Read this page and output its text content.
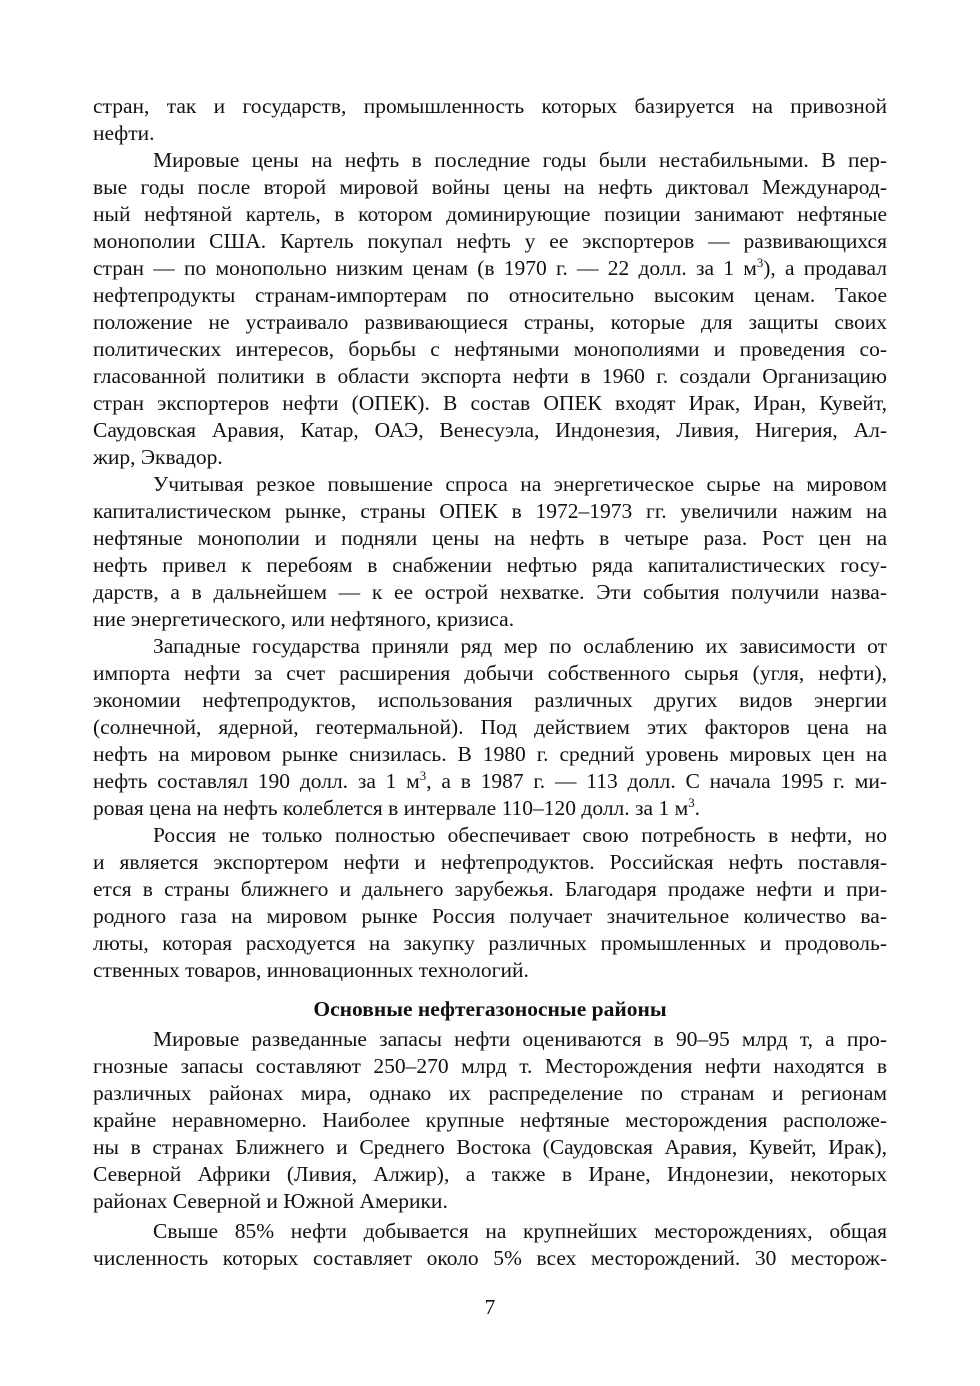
стран, так и государств, промышленность которых базируется на привозной
нефти.
Мировые цены на нефть в последние годы были нестабильными. В пер-
вые годы после второй мировой войны цены на нефть диктовал Международ-
ный нефтяной картель, в котором доминирующие позиции занимают нефтяные
монополии США. Картель покупал нефть у ее экспортеров — развивающихся
стран — по монопольно низким ценам (в 1970 г. — 22 долл. за 1 $м^3$), а продавал
нефтепродукты странам-импортерам по относительно высоким ценам. Такое
положение не устраивало развивающиеся страны, которые для защиты своих
политических интересов, борьбы с нефтяными монополиями и проведения со-
гласованной политики в области экспорта нефти в 1960 г. создали Организацию
стран экспортеров нефти (ОПЕК). В состав ОПЕК входят Ирак, Иран, Кувейт,
Саудовская Аравия, Катар, ОАЭ, Венесуэла, Индонезия, Ливия, Нигерия, Ал-
жир, Эквадор.
Учитывая резкое повышение спроса на энергетическое сырье на мировом
капиталистическом рынке, страны ОПЕК в 1972–1973 гг. увеличили нажим на
нефтяные монополии и подняли цены на нефть в четыре раза. Рост цен на
нефть привел к перебоям в снабжении нефтью ряда капиталистических госу-
дарств, а в дальнейшем — к ее острой нехватке. Эти события получили назва-
ние энергетического, или нефтяного, кризиса.
Западные государства приняли ряд мер по ослаблению их зависимости от
импорта нефти за счет расширения добычи собственного сырья (угля, нефти),
экономии нефтепродуктов, использования различных других видов энергии
(солнечной, ядерной, геотермальной). Под действием этих факторов цена на
нефть на мировом рынке снизилась. В 1980 г. средний уровень мировых цен на
нефть составлял 190 долл. за 1 $м^3$, а в 1987 г. — 113 долл. С начала 1995 г. ми-
ровая цена на нефть колеблется в интервале 110–120 долл. за 1 $м^3$.
Россия не только полностью обеспечивает свою потребность в нефти, но
и является экспортером нефти и нефтепродуктов. Российская нефть поставля-
ется в страны ближнего и дальнего зарубежья. Благодаря продаже нефти и при-
родного газа на мировом рынке Россия получает значительное количество ва-
люты, которая расходуется на закупку различных промышленных и продоволь-
ственных товаров, инновационных технологий.
Основные нефтегазоносные районы
Мировые разведанные запасы нефти оцениваются в 90–95 млрд т, а про-
гнозные запасы составляют 250–270 млрд т. Месторождения нефти находятся в
различных районах мира, однако их распределение по странам и регионам
крайне неравномерно. Наиболее крупные нефтяные месторождения расположе-
ны в странах Ближнего и Среднего Востока (Саудовская Аравия, Кувейт, Ирак),
Северной Африки (Ливия, Алжир), а также в Иране, Индонезии, некоторых
районах Северной и Южной Америки.
Свыше 85% нефти добывается на крупнейших месторождениях, общая
численность которых составляет около 5% всех месторождений. 30 месторож-
7
